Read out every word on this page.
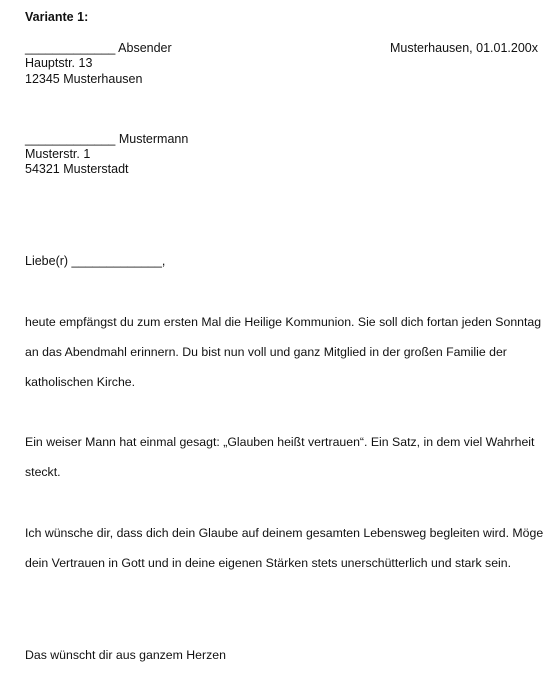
Variante 1:
_____________ Absender
Hauptstr. 13
12345 Musterhausen
Musterhausen, 01.01.200x
_____________ Mustermann
Musterstr. 1
54321 Musterstadt
Liebe(r) _____________,

heute empfängst du zum ersten Mal die Heilige Kommunion. Sie soll dich fortan jeden Sonntag an das Abendmahl erinnern. Du bist nun voll und ganz Mitglied in der großen Familie der katholischen Kirche.

Ein weiser Mann hat einmal gesagt: „Glauben heißt vertrauen“. Ein Satz, in dem viel Wahrheit steckt.

Ich wünsche dir, dass dich dein Glaube auf deinem gesamten Lebensweg begleiten wird. Möge dein Vertrauen in Gott und in deine eigenen Stärken stets unerschütterlich und stark sein.

Das wünscht dir aus ganzem Herzen
